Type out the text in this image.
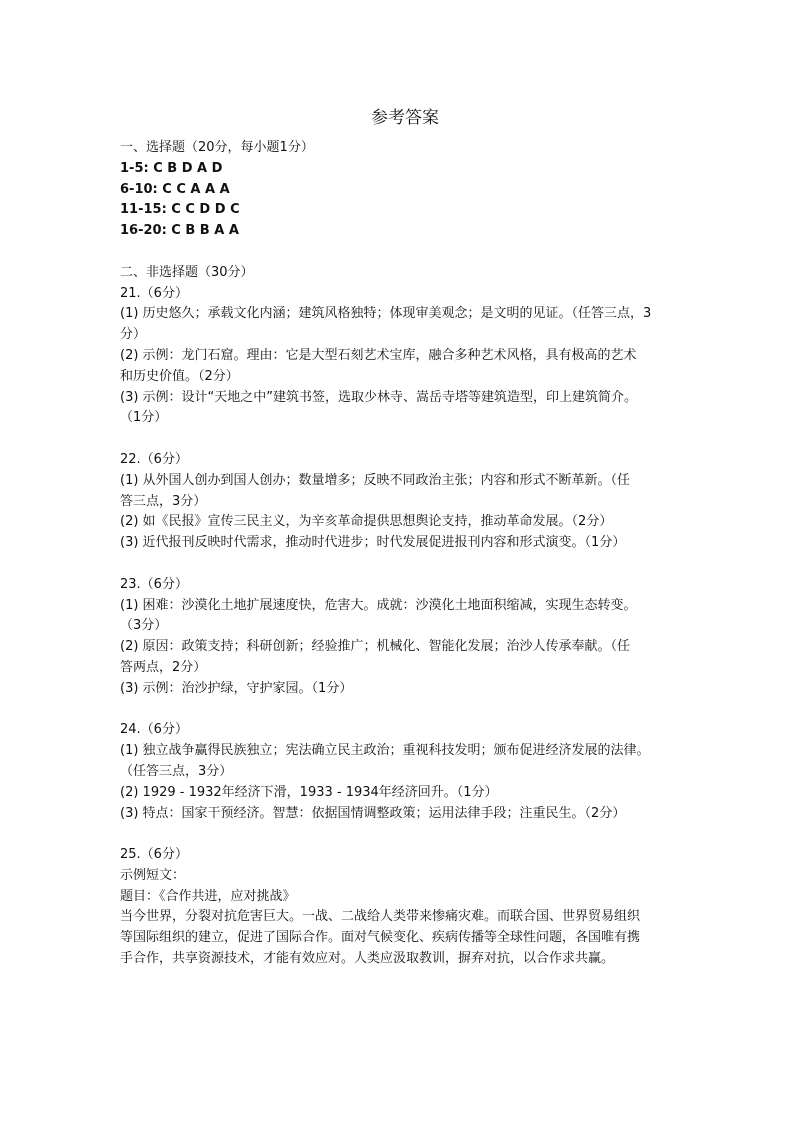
参考答案

一、选择题（20分，每小题1分）

1-5: C B D A D

6-10: C C A A A

11-15: C C D D C

16-20: C B B A A

二、非选择题（30分）

21.（6分）

(1) 历史悠久；承载文化内涵；建筑风格独特；体现审美观念；是文明的见证。（任答三点，3

分）

(2) 示例：龙门石窟。理由：它是大型石刻艺术宝库，融合多种艺术风格，具有极高的艺术

和历史价值。（2分）

(3) 示例：设计“天地之中”建筑书签，选取少林寺、嵩岳寺塔等建筑造型，印上建筑简介。

（1分）

22.（6分）

(1) 从外国人创办到国人创办；数量增多；反映不同政治主张；内容和形式不断革新。（任

答三点，3分）

(2) 如《民报》宣传三民主义，为辛亥革命提供思想舆论支持，推动革命发展。（2分）

(3) 近代报刊反映时代需求，推动时代进步；时代发展促进报刊内容和形式演变。（1分）

23.（6分）

(1) 困难：沙漠化土地扩展速度快，危害大。成就：沙漠化土地面积缩减，实现生态转变。

（3分）

(2) 原因：政策支持；科研创新；经验推广；机械化、智能化发展；治沙人传承奉献。（任

答两点，2分）

(3) 示例：治沙护绿，守护家园。（1分）

24.（6分）

(1) 独立战争赢得民族独立；宪法确立民主政治；重视科技发明；颁布促进经济发展的法律。

（任答三点，3分）

(2) 1929 - 1932年经济下滑，1933 - 1934年经济回升。（1分）

(3) 特点：国家干预经济。智慧：依据国情调整政策；运用法律手段；注重民生。（2分）

25.（6分）

示例短文：

题目：《合作共进，应对挑战》

当今世界，分裂对抗危害巨大。一战、二战给人类带来惨痛灾难。而联合国、世界贸易组织

等国际组织的建立，促进了国际合作。面对气候变化、疾病传播等全球性问题，各国唯有携

手合作，共享资源技术，才能有效应对。人类应汲取教训，摒弃对抗，以合作求共赢。
